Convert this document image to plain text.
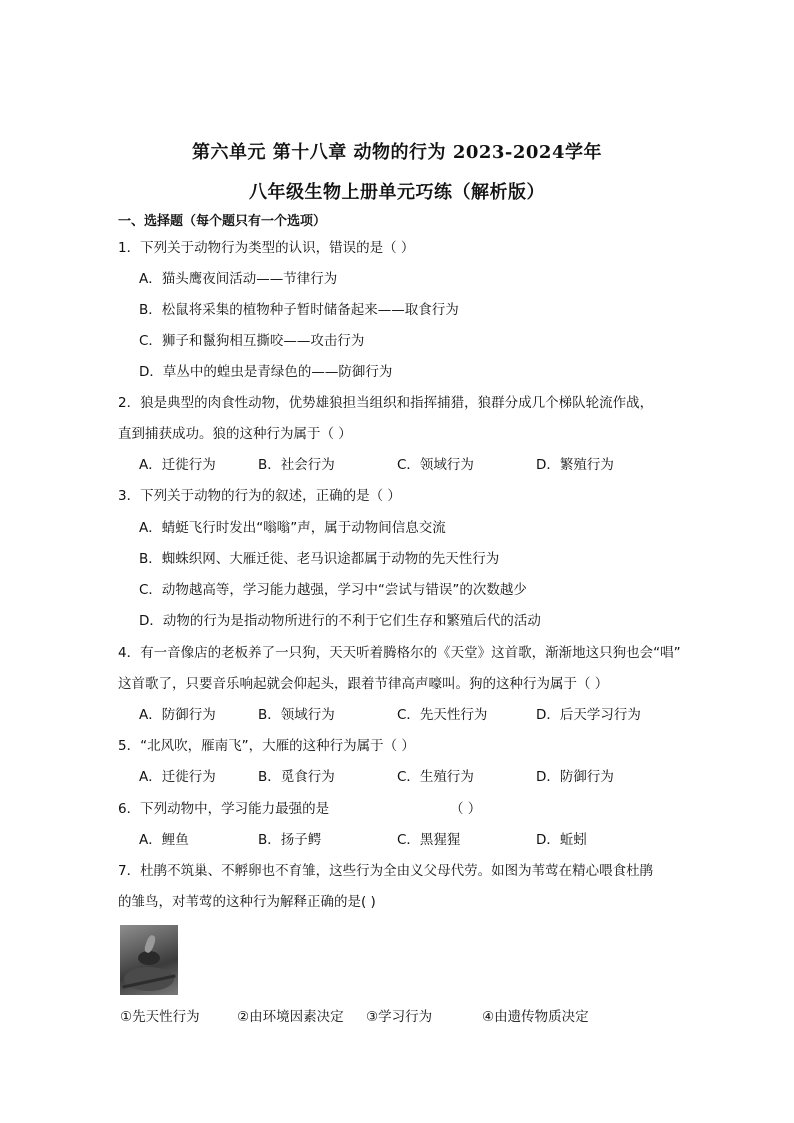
第六单元 第十八章 动物的行为 2023-2024学年
八年级生物上册单元巧练（解析版）
一、选择题（每个题只有一个选项）
1．下列关于动物行为类型的认识，错误的是（ ）
A．猫头鹰夜间活动——节律行为
B．松鼠将采集的植物种子暂时储备起来——取食行为
C．狮子和鬣狗相互撕咬——攻击行为
D．草丛中的蝗虫是青绿色的——防御行为
2．狼是典型的肉食性动物，优势雄狼担当组织和指挥捕猎，狼群分成几个梯队轮流作战，
直到捕获成功。狼的这种行为属于（ ）
A．迁徙行为	B．社会行为	C．领域行为	D．繁殖行为
3．下列关于动物的行为的叙述，正确的是（ ）
A．蜻蜓飞行时发出“嗡嗡”声，属于动物间信息交流
B．蜘蛛织网、大雁迁徙、老马识途都属于动物的先天性行为
C．动物越高等，学习能力越强，学习中“尝试与错误”的次数越少
D．动物的行为是指动物所进行的不利于它们生存和繁殖后代的活动
4．有一音像店的老板养了一只狗，天天听着腾格尔的《天堂》这首歌，渐渐地这只狗也会“唱”
这首歌了，只要音乐响起就会仰起头，跟着节律高声嚎叫。狗的这种行为属于（ ）
A．防御行为	B．领域行为	C．先天性行为	D．后天学习行为
5．“北风吹，雁南飞”，大雁的这种行为属于（ ）
A．迁徙行为	B．觅食行为	C．生殖行为	D．防御行为
6．下列动物中，学习能力最强的是	（ ）
A．鲤鱼	B．扬子鳄	C．黑猩猩	D．蚯蚓
7．杜鹃不筑巢、不孵卵也不育雏，这些行为全由义父母代劳。如图为苇莺在精心喂食杜鹃
的雏鸟，对苇莺的这种行为解释正确的是( )
①先天性行为	②由环境因素决定 ③学习行为	④由遗传物质决定
